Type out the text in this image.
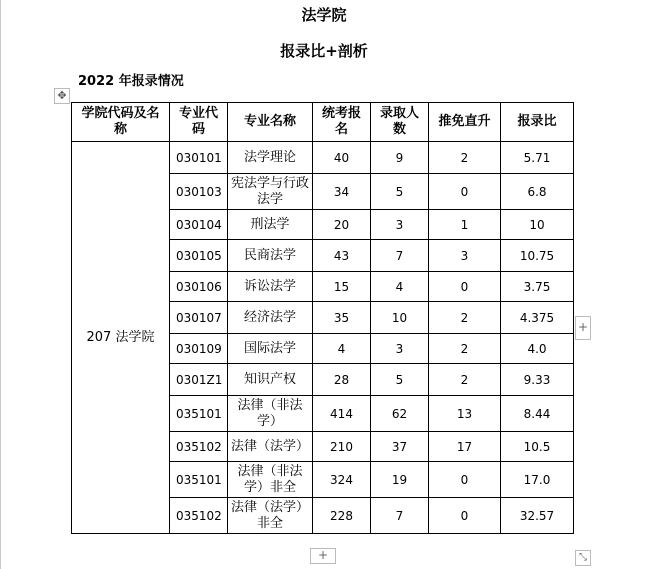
法学院
报录比+剖析
2022 年报录情况
✥
学院代码及名称	专业代码	专业名称	统考报名	录取人数	推免直升	报录比

207 法学院	030101	法学理论	40	9	2	5.71
	030103	宪法学与行政法学	34	5	0	6.8
	030104	刑法学	20	3	1	10
	030105	民商法学	43	7	3	10.75
	030106	诉讼法学	15	4	0	3.75
	030107	经济法学	35	10	2	4.375
	030109	国际法学	4	3	2	4.0
	0301Z1	知识产权	28	5	2	9.33
	035101	法律（非法学）	414	62	13	8.44
	035102	法律（法学）	210	37	17	10.5
	035101	法律（非法学）非全	324	19	0	17.0
	035102	法律（法学）非全	228	7	0	32.57
+
+	⤡
